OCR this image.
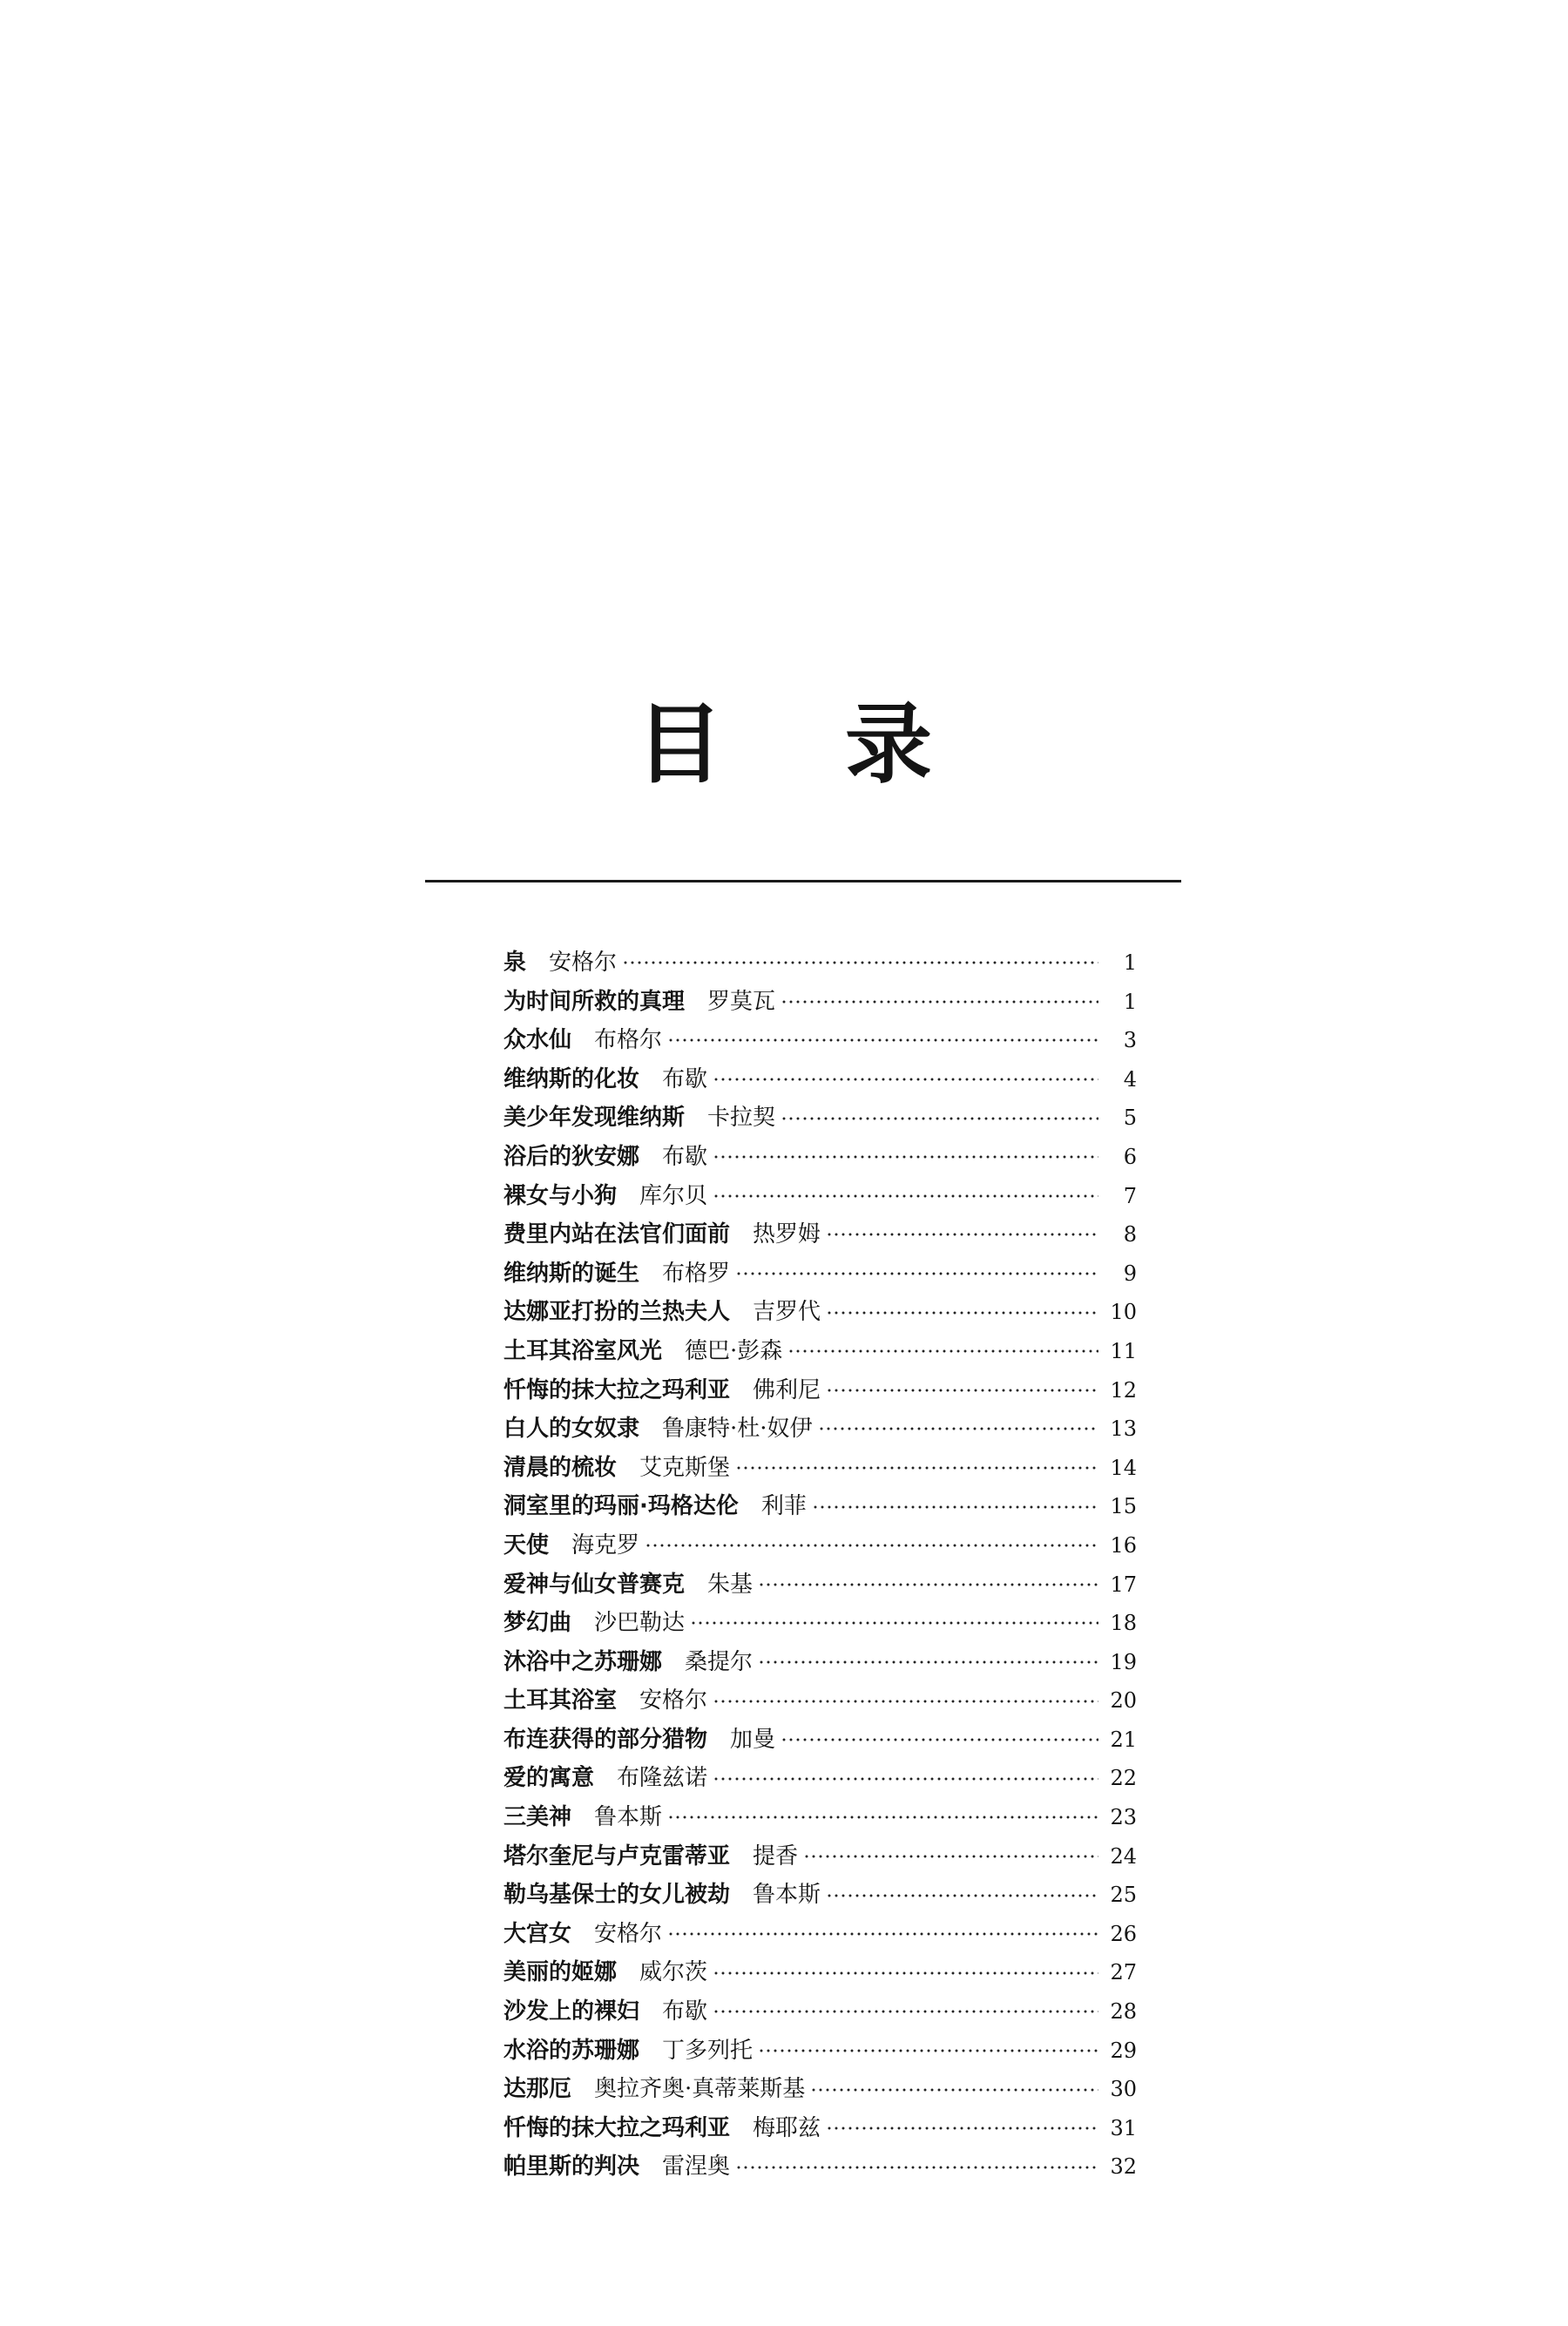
目 录
泉 安格尔	1
为时间所救的真理 罗莫瓦	1
众水仙 布格尔	3
维纳斯的化妆 布歇	4
美少年发现维纳斯 卡拉契	5
浴后的狄安娜 布歇	6
裸女与小狗 库尔贝	7
费里内站在法官们面前 热罗姆	8
维纳斯的诞生 布格罗	9
达娜亚打扮的兰热夫人 吉罗代	10
土耳其浴室风光 德巴·彭森	11
忏悔的抹大拉之玛利亚 佛利尼	12
白人的女奴隶 鲁康特·杜·奴伊	13
清晨的梳妆 艾克斯堡	14
洞室里的玛丽·玛格达伦 利菲	15
天使 海克罗	16
爱神与仙女普赛克 朱基	17
梦幻曲 沙巴勒达	18
沐浴中之苏珊娜 桑提尔	19
土耳其浴室 安格尔	20
布连获得的部分猎物 加曼	21
爱的寓意 布隆兹诺	22
三美神 鲁本斯	23
塔尔奎尼与卢克雷蒂亚 提香	24
勒乌基保士的女儿被劫 鲁本斯	25
大宫女 安格尔	26
美丽的姬娜 威尔茨	27
沙发上的裸妇 布歇	28
水浴的苏珊娜 丁多列托	29
达那厄 奥拉齐奥·真蒂莱斯基	30
忏悔的抹大拉之玛利亚 梅耶兹	31
帕里斯的判决 雷涅奥	32
